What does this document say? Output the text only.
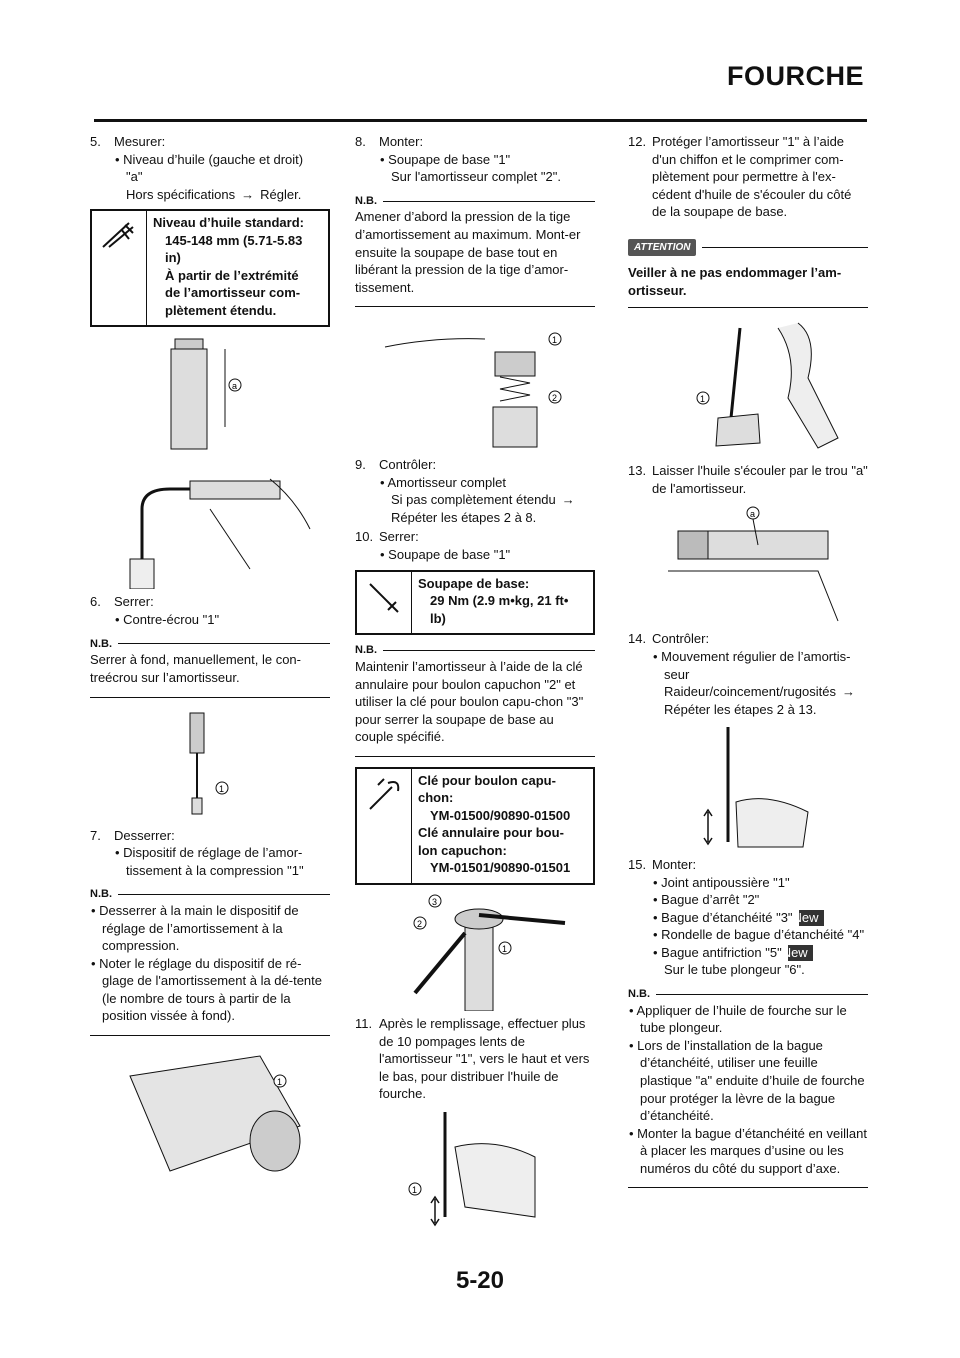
FOURCHE
5. Mesurer:
• Niveau d’huile (gauche et droit)
"a"
Hors spécifications → Régler.
Niveau d’huile standard:
145-148 mm (5.71-5.83
in)
À partir de l’extrémité
de l’amortisseur com-
plètement étendu.
a
6. Serrer:
• Contre-écrou "1"
N.B.
Serrer à fond, manuellement, le con-treécrou sur l’amortisseur.
1
7. Desserrer:
• Dispositif de réglage de l’amor-tissement à la compression "1"
N.B.
• Desserrer à la main le dispositif de réglage de l’amortissement à la compression.
• Noter le réglage du dispositif de ré-glage de l'amortissement à la dé-tente (le nombre de tours à partir de la position vissée à fond).
1
8. Monter:
• Soupape de base "1"
Sur l'amortisseur complet "2".
N.B.
Amener d’abord la pression de la tige d’amortissement au maximum. Mont-er ensuite la soupape de base tout en libérant la pression de la tige d’amor-tissement.
1
2
9. Contrôler:
• Amortisseur complet
Si pas complètement étendu →
Répéter les étapes 2 à 8.
10. Serrer:
• Soupape de base "1"
Soupape de base:
29 Nm (2.9 m•kg, 21 ft•
lb)
N.B.
Maintenir l’amortisseur à l’aide de la clé annulaire pour boulon capuchon "2" et utiliser la clé pour boulon capu-chon "3" pour serrer la soupape de base au couple spécifié.
Clé pour boulon capu-
chon:
YM-01500/90890-01500
Clé annulaire pour bou-
lon capuchon:
YM-01501/90890-01501
3
2
1
11. Après le remplissage, effectuer plus de 10 pompages lents de l'amortisseur "1", vers le haut et vers le bas, pour distribuer l'huile de fourche.
1
12. Protéger l’amortisseur "1" à l’aide d'un chiffon et le comprimer com-plètement pour permettre à l'ex-cédent d'huile de s'écouler du côté de la soupape de base.
ATTENTION
Veiller à ne pas endommager l’am-ortisseur.
1
13. Laisser l'huile s'écouler par le trou "a" de l'amortisseur.
a
14. Contrôler:
• Mouvement régulier de l’amortis-seur
Raideur/coincement/rugosités →
Répéter les étapes 2 à 13.
15. Monter:
• Joint antipoussière "1"
• Bague d’arrêt "2"
• Bague d’étanchéité "3"New
• Rondelle de bague d’étanchéité "4"
• Bague antifriction "5"New
Sur le tube plongeur "6".
N.B.
• Appliquer de l’huile de fourche sur le tube plongeur.
• Lors de l’installation de la bague d’étanchéité, utiliser une feuille plastique "a" enduite d’huile de fourche pour protéger la lèvre de la bague d’étanchéité.
• Monter la bague d’étanchéité en veillant à placer les marques d’usine ou les numéros du côté du support d’axe.
5-20
